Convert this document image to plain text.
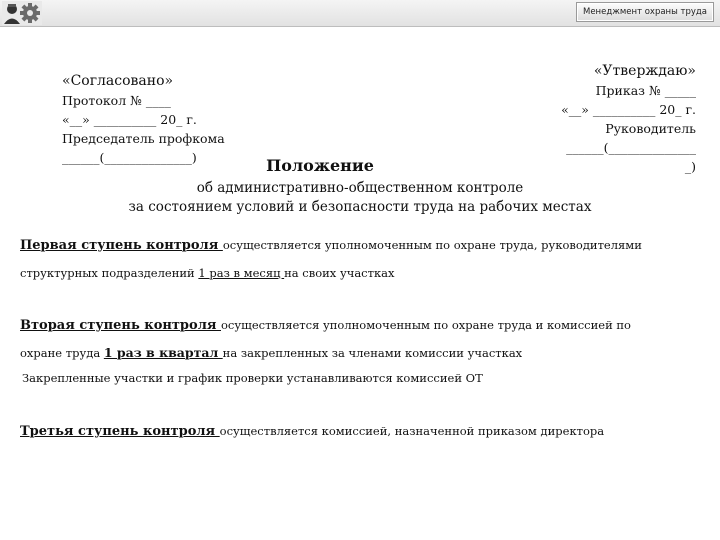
Менеджмент охраны труда
«Согласовано»
Протокол № ____
«__» __________ 20_ г.
Председатель профкома
______(______________)
«Утверждаю»
Приказ № _____
«__» __________ 20_ г.
Руководитель
______(______________
_)
Положение
об административно-общественном контроле
за состоянием условий и безопасности труда на рабочих местах
Первая ступень контроля осуществляется уполномоченным по охране труда, руководителями
структурных подразделений 1 раз в месяц на своих участках
Вторая ступень контроля осуществляется уполномоченным по охране труда и комиссией по
охране труда 1 раз в квартал на закрепленных за членами комиссии участках
Закрепленные участки и график проверки устанавливаются комиссией ОТ
Третья ступень контроля осуществляется комиссией, назначенной приказом директора
